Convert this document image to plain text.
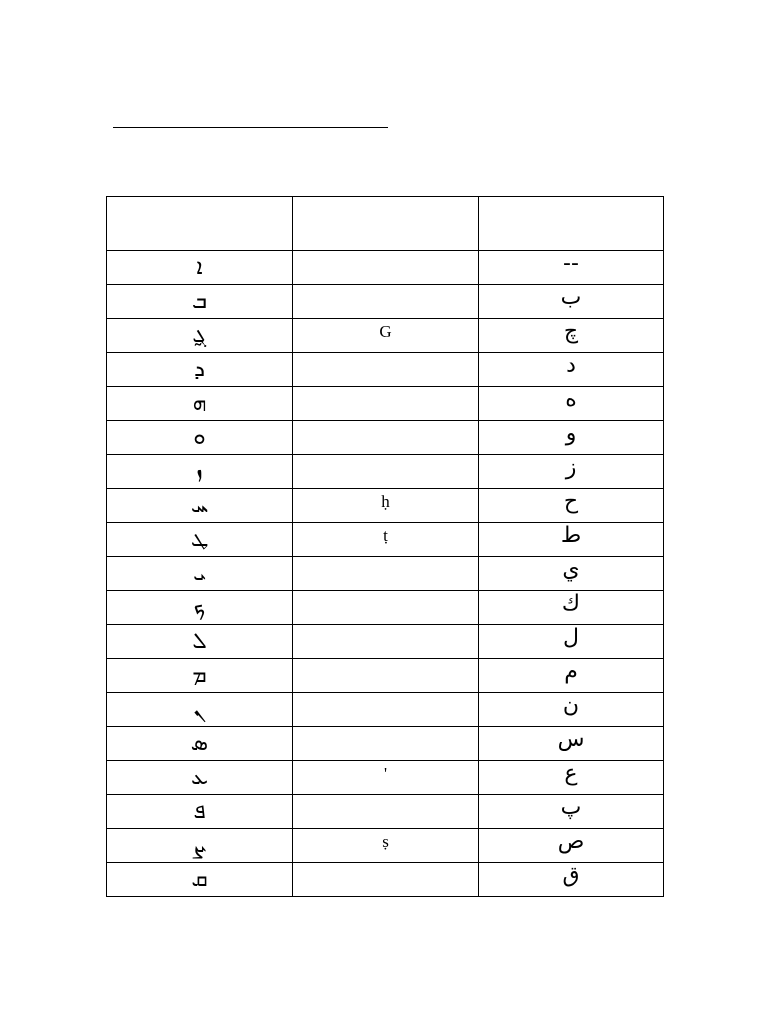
ܐ		--
ܒ		ب
ܓ̰	G	چ
ܕ		د
ܗ		ه
ܘ		و
ܙ		ز
ܚ	ḥ	ح
ܛ	ṭ	ط
ܝ		ي
ܟ		ك
ܠ		ل
ܡ		م
ܢ		ن
ܣ		س
ܥ	'	ع
ܦ		پ
ܨ	ṣ	ص
ܩ		ق
